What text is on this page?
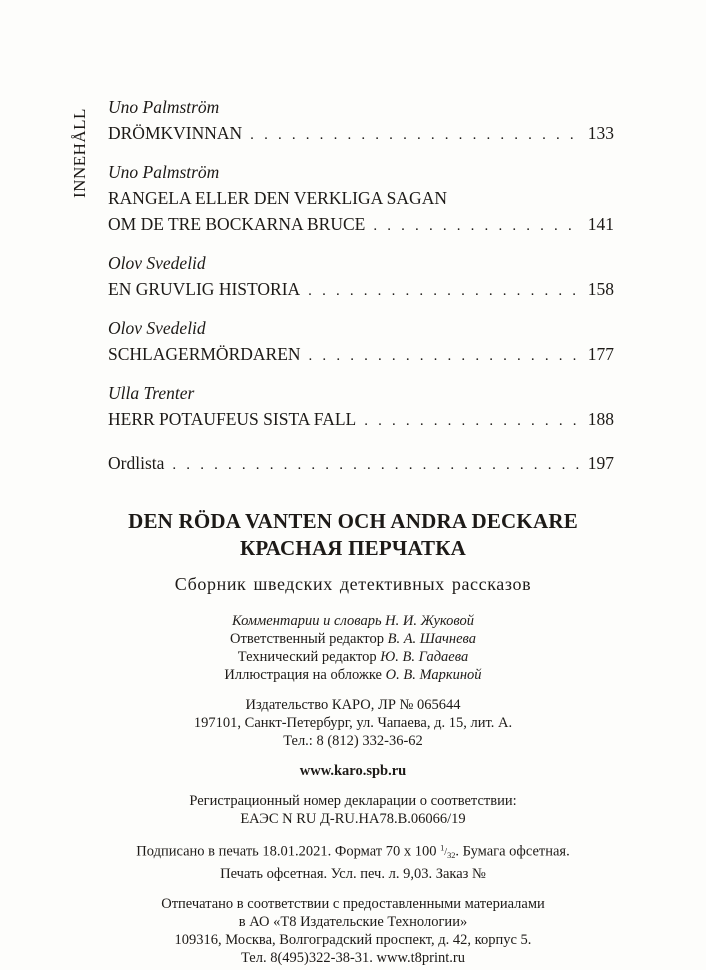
INNEHÅLL
Uno Palmström
DRÖMKVINNAN . . .	133
Uno Palmström
RANGELA ELLER DEN VERKLIGA SAGAN
OM DE TRE BOCKARNA BRUCE . . .	141
Olov Svedelid
EN GRUVLIG HISTORIA . . .	158
Olov Svedelid
SCHLAGERMÖRDAREN . . .	177
Ulla Trenter
HERR POTAUFEUS SISTA FALL . . .	188
Ordlista . . .	197
DEN RÖDA VANTEN OCH ANDRA DECKARE
КРАСНАЯ ПЕРЧАТКА
Сборник шведских детективных рассказов
Комментарии и словарь Н. И. Жуковой
Ответственный редактор В. А. Шачнева
Технический редактор Ю. В. Гадаева
Иллюстрация на обложке О. В. Маркиной
Издательство КАРО, ЛР № 065644
197101, Санкт-Петербург, ул. Чапаева, д. 15, лит. А.
Тел.: 8 (812) 332-36-62
www.karo.spb.ru
Регистрационный номер декларации о соответствии:
ЕАЭС N RU Д-RU.НА78.В.06066/19
Подписано в печать 18.01.2021. Формат 70 х 100 $^1/_{32}$. Бумага офсетная.
Печать офсетная. Усл. печ. л. 9,03. Заказ №
Отпечатано в соответствии с предоставленными материалами
в АО «Т8 Издательские Технологии»
109316, Москва, Волгоградский проспект, д. 42, корпус 5.
Тел. 8(495)322-38-31. www.t8print.ru
